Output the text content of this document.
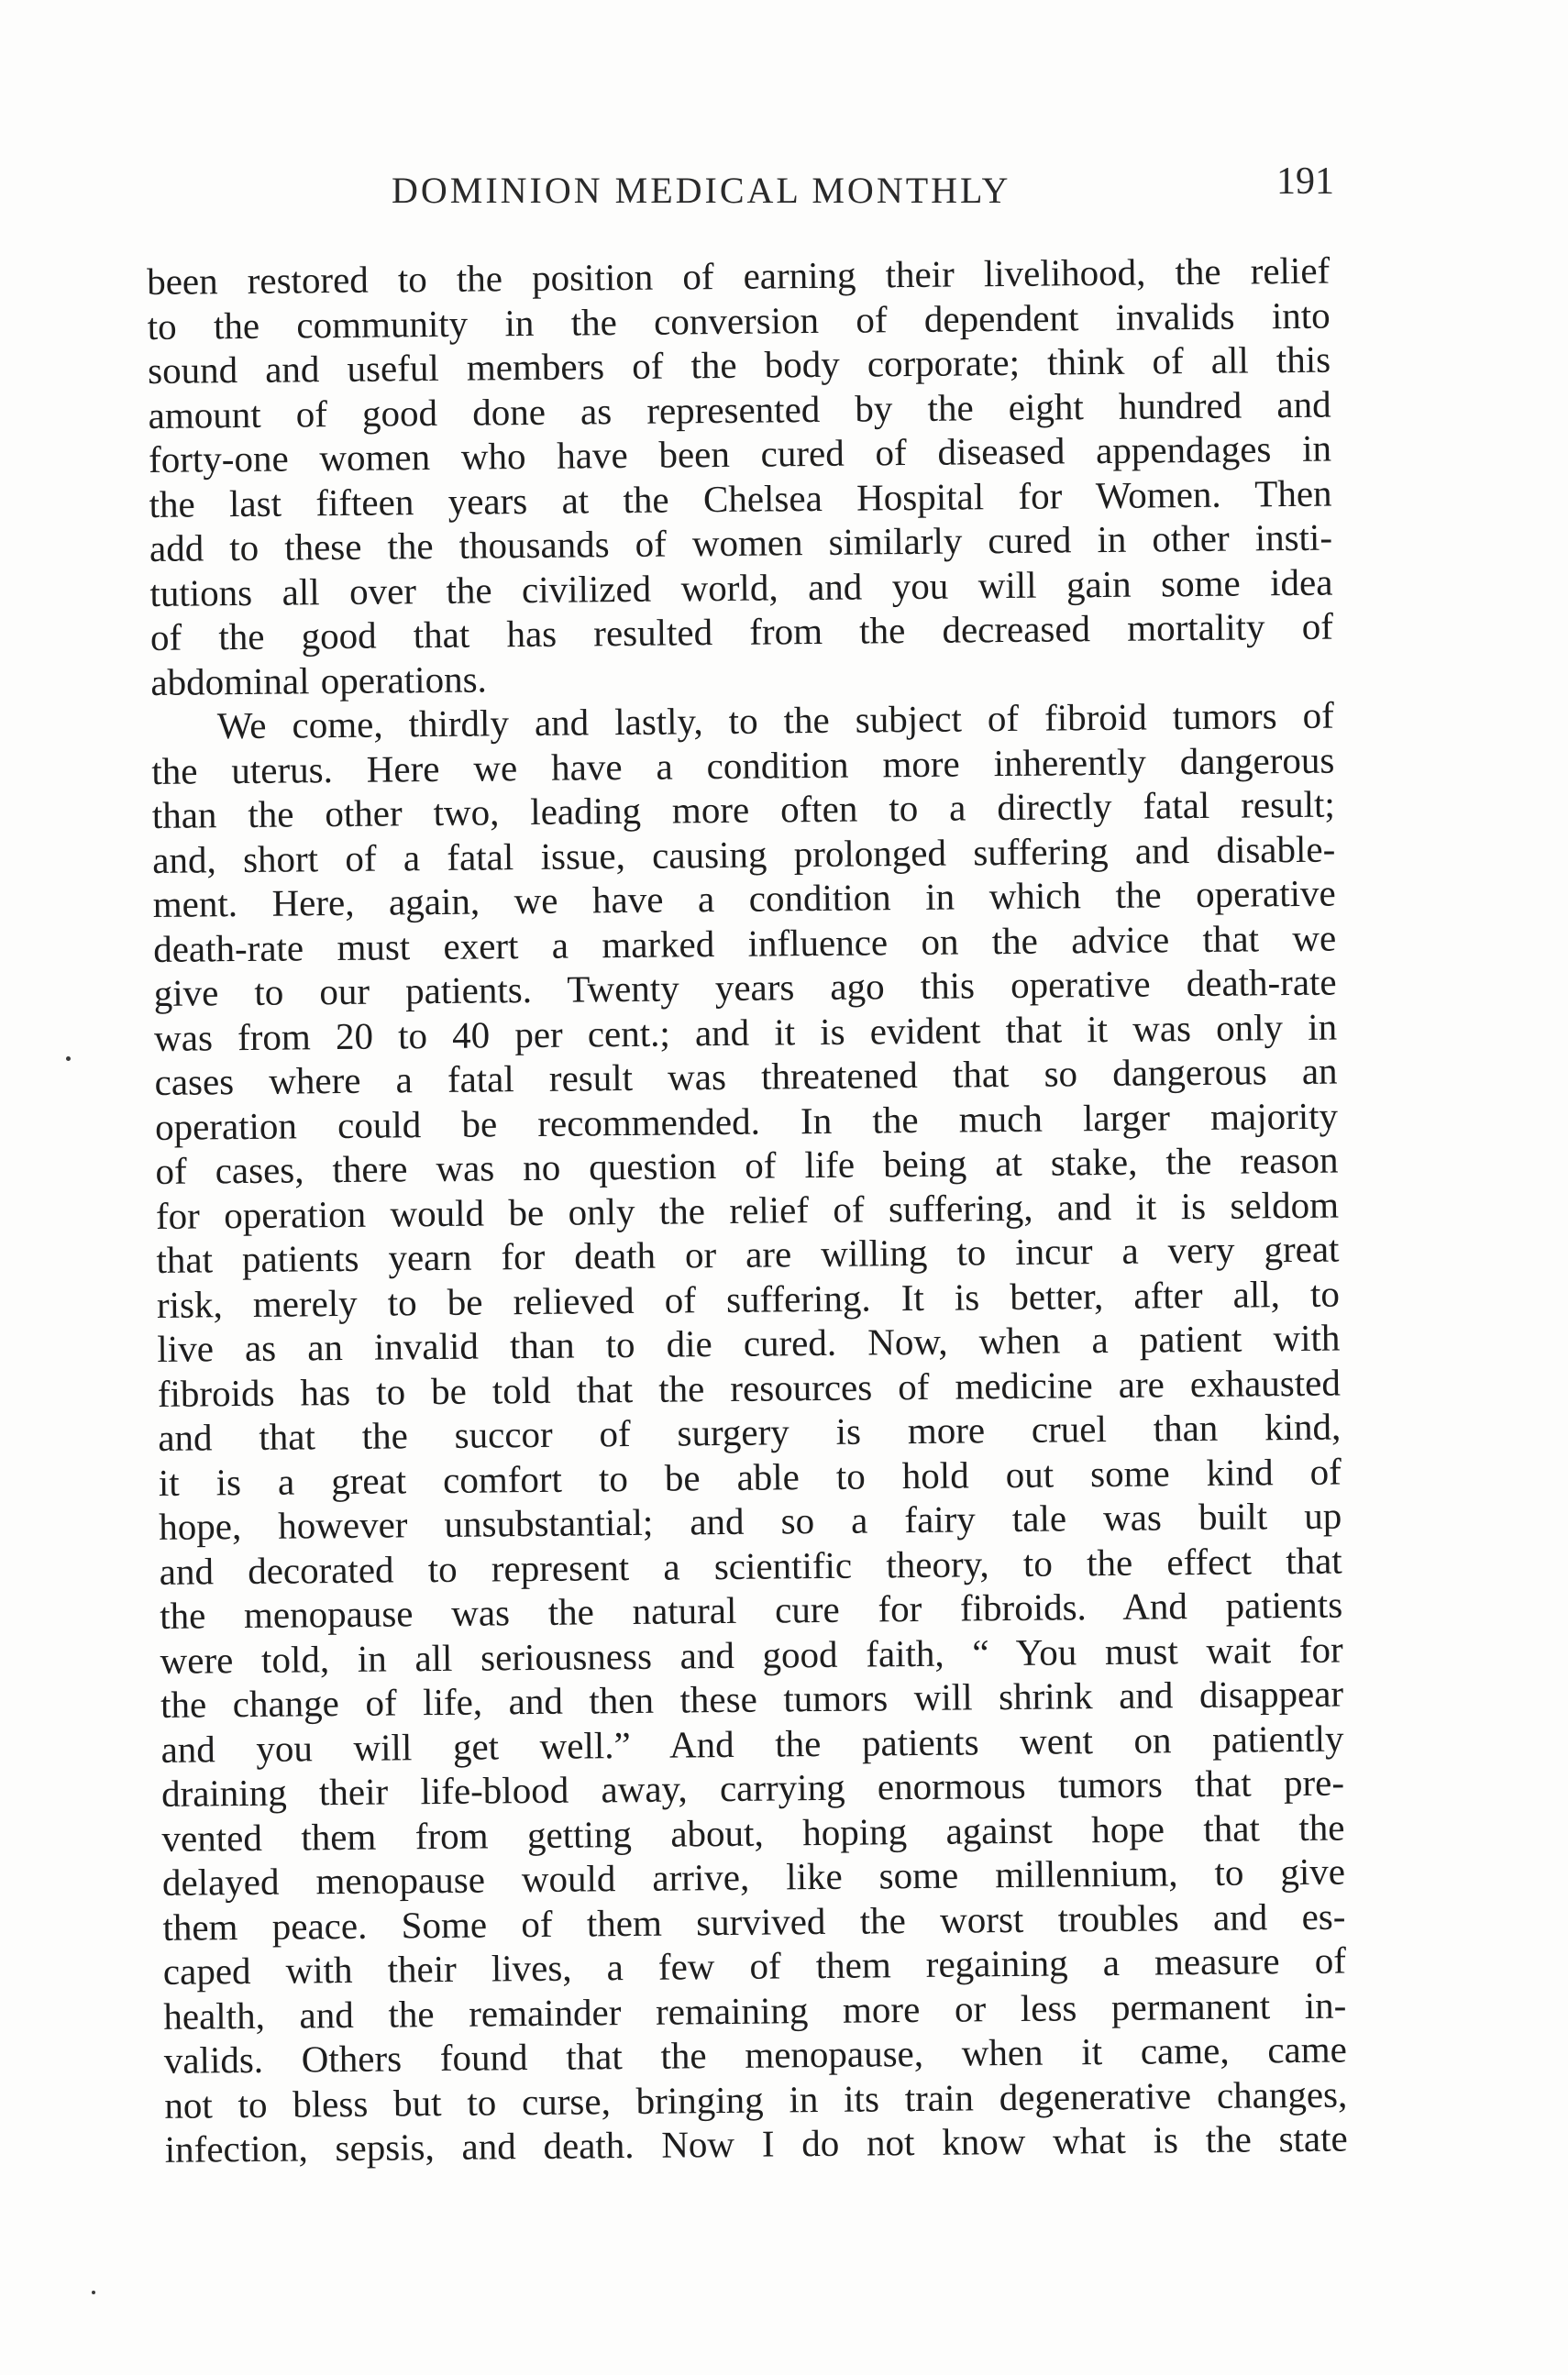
DOMINION MEDICAL MONTHLY	191
been restored to the position of earning their livelihood, the relief
to the community in the conversion of dependent invalids into
sound and useful members of the body corporate; think of all this
amount of good done as represented by the eight hundred and
forty-one women who have been cured of diseased appendages in
the last fifteen years at the Chelsea Hospital for Women. Then
add to these the thousands of women similarly cured in other insti-
tutions all over the civilized world, and you will gain some idea
of the good that has resulted from the decreased mortality of
abdominal operations.
We come, thirdly and lastly, to the subject of fibroid tumors of
the uterus. Here we have a condition more inherently dangerous
than the other two, leading more often to a directly fatal result;
and, short of a fatal issue, causing prolonged suffering and disable-
ment. Here, again, we have a condition in which the operative
death-rate must exert a marked influence on the advice that we
give to our patients. Twenty years ago this operative death-rate
was from 20 to 40 per cent.; and it is evident that it was only in
cases where a fatal result was threatened that so dangerous an
operation could be recommended. In the much larger majority
of cases, there was no question of life being at stake, the reason
for operation would be only the relief of suffering, and it is seldom
that patients yearn for death or are willing to incur a very great
risk, merely to be relieved of suffering. It is better, after all, to
live as an invalid than to die cured. Now, when a patient with
fibroids has to be told that the resources of medicine are exhausted
and that the succor of surgery is more cruel than kind,
it is a great comfort to be able to hold out some kind of
hope, however unsubstantial; and so a fairy tale was built up
and decorated to represent a scientific theory, to the effect that
the menopause was the natural cure for fibroids. And patients
were told, in all seriousness and good faith, “ You must wait for
the change of life, and then these tumors will shrink and disappear
and you will get well.” And the patients went on patiently
draining their life-blood away, carrying enormous tumors that pre-
vented them from getting about, hoping against hope that the
delayed menopause would arrive, like some millennium, to give
them peace. Some of them survived the worst troubles and es-
caped with their lives, a few of them regaining a measure of
health, and the remainder remaining more or less permanent in-
valids. Others found that the menopause, when it came, came
not to bless but to curse, bringing in its train degenerative changes,
infection, sepsis, and death. Now I do not know what is the state
